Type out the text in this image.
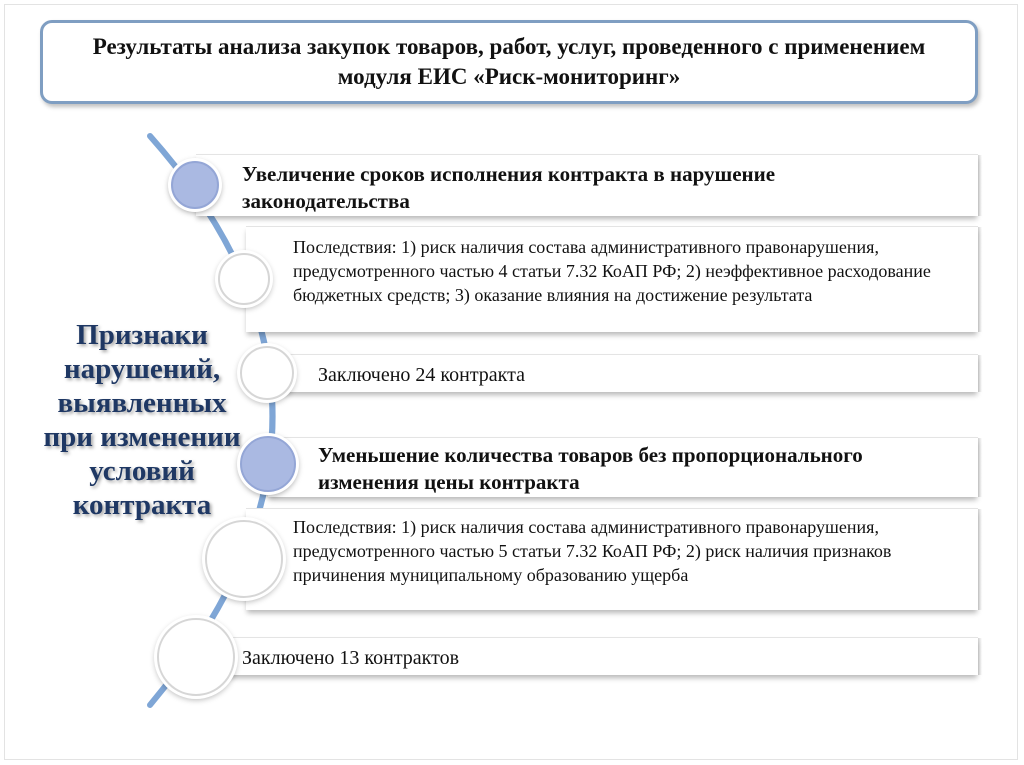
Результаты анализа закупок товаров, работ, услуг, проведенного с применением модуля ЕИС «Риск-мониторинг»
Признаки нарушений, выявленных при изменении условий контракта
Увеличение сроков исполнения контракта в нарушение законодательства
Последствия: 1) риск наличия состава административного правонарушения, предусмотренного частью 4 статьи 7.32 КоАП РФ; 2) неэффективное расходование бюджетных средств; 3) оказание влияния на достижение результата
Заключено 24 контракта
Уменьшение количества товаров без пропорционального изменения цены контракта
Последствия: 1) риск наличия состава административного правонарушения, предусмотренного частью 5 статьи 7.32 КоАП РФ; 2) риск наличия признаков причинения муниципальному образованию ущерба
Заключено 13 контрактов
